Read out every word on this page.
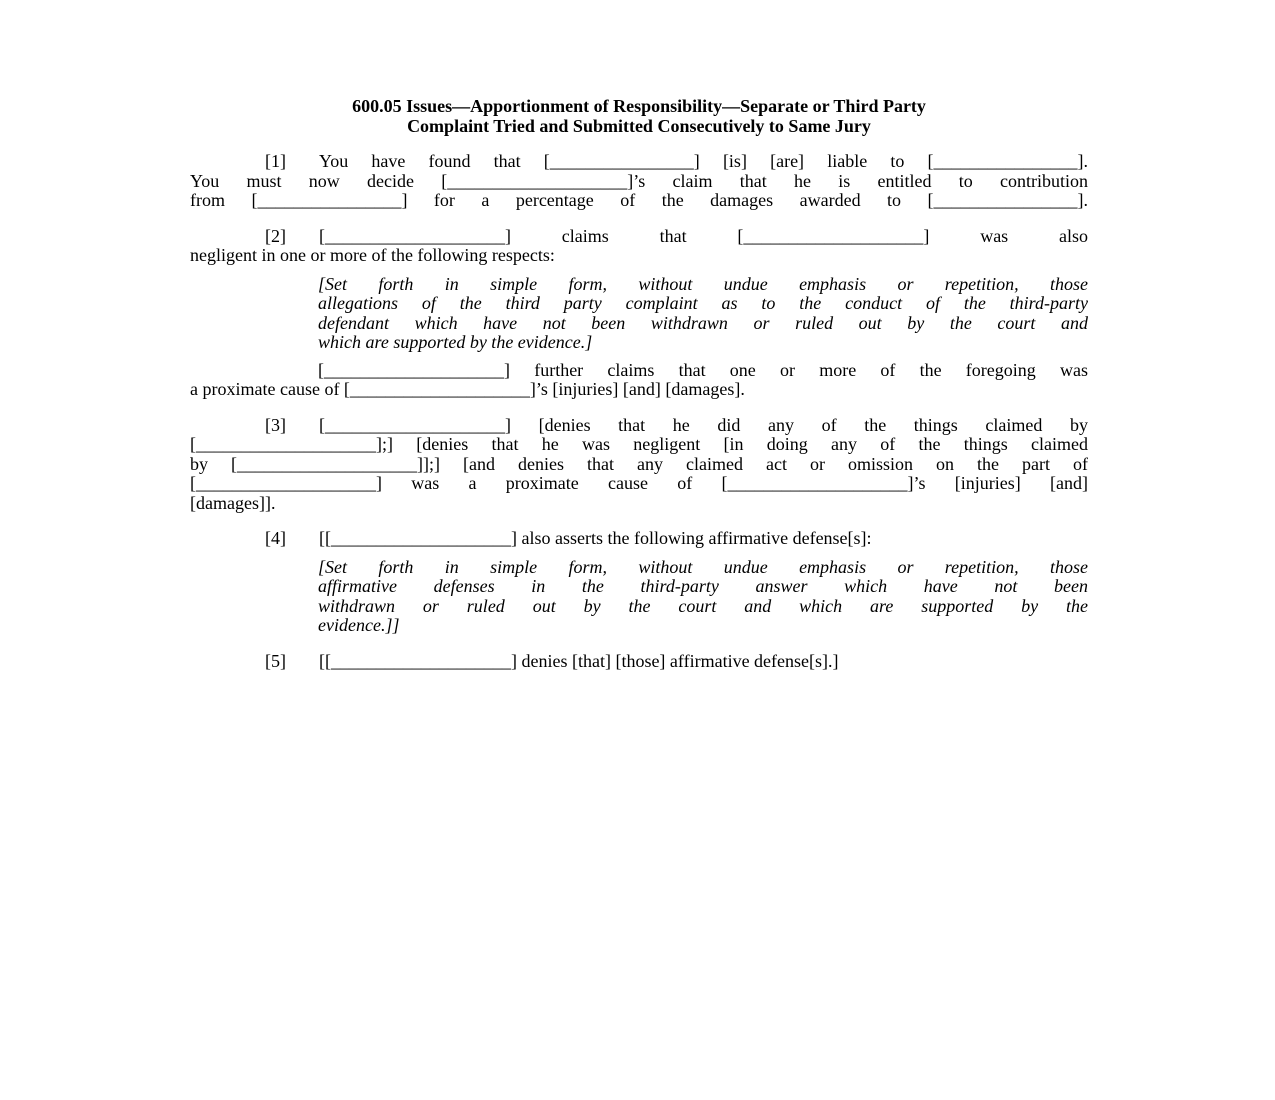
600.05 Issues—Apportionment of Responsibility—Separate or Third Party
Complaint Tried and Submitted Consecutively to Same Jury
[1] You have found that [________________] [is] [are] liable to [________________].
You must now decide [____________________]’s claim that he is entitled to contribution
from [________________] for a percentage of the damages awarded to [________________].
[2] [____________________] claims that [____________________] was also
negligent in one or more of the following respects:
[Set forth in simple form, without undue emphasis or repetition, those
allegations of the third party complaint as to the conduct of the third-party
defendant which have not been withdrawn or ruled out by the court and
which are supported by the evidence.]
[____________________] further claims that one or more of the foregoing was
a proximate cause of [____________________]’s [injuries] [and] [damages].
[3] [____________________] [denies that he did any of the things claimed by
[____________________];] [denies that he was negligent [in doing any of the things claimed
by [____________________]];] [and denies that any claimed act or omission on the part of
[____________________] was a proximate cause of [____________________]’s [injuries] [and]
[damages]].
[4] [[____________________] also asserts the following affirmative defense[s]:
[Set forth in simple form, without undue emphasis or repetition, those
affirmative defenses in the third-party answer which have not been
withdrawn or ruled out by the court and which are supported by the
evidence.]]
[5] [[____________________] denies [that] [those] affirmative defense[s].]
